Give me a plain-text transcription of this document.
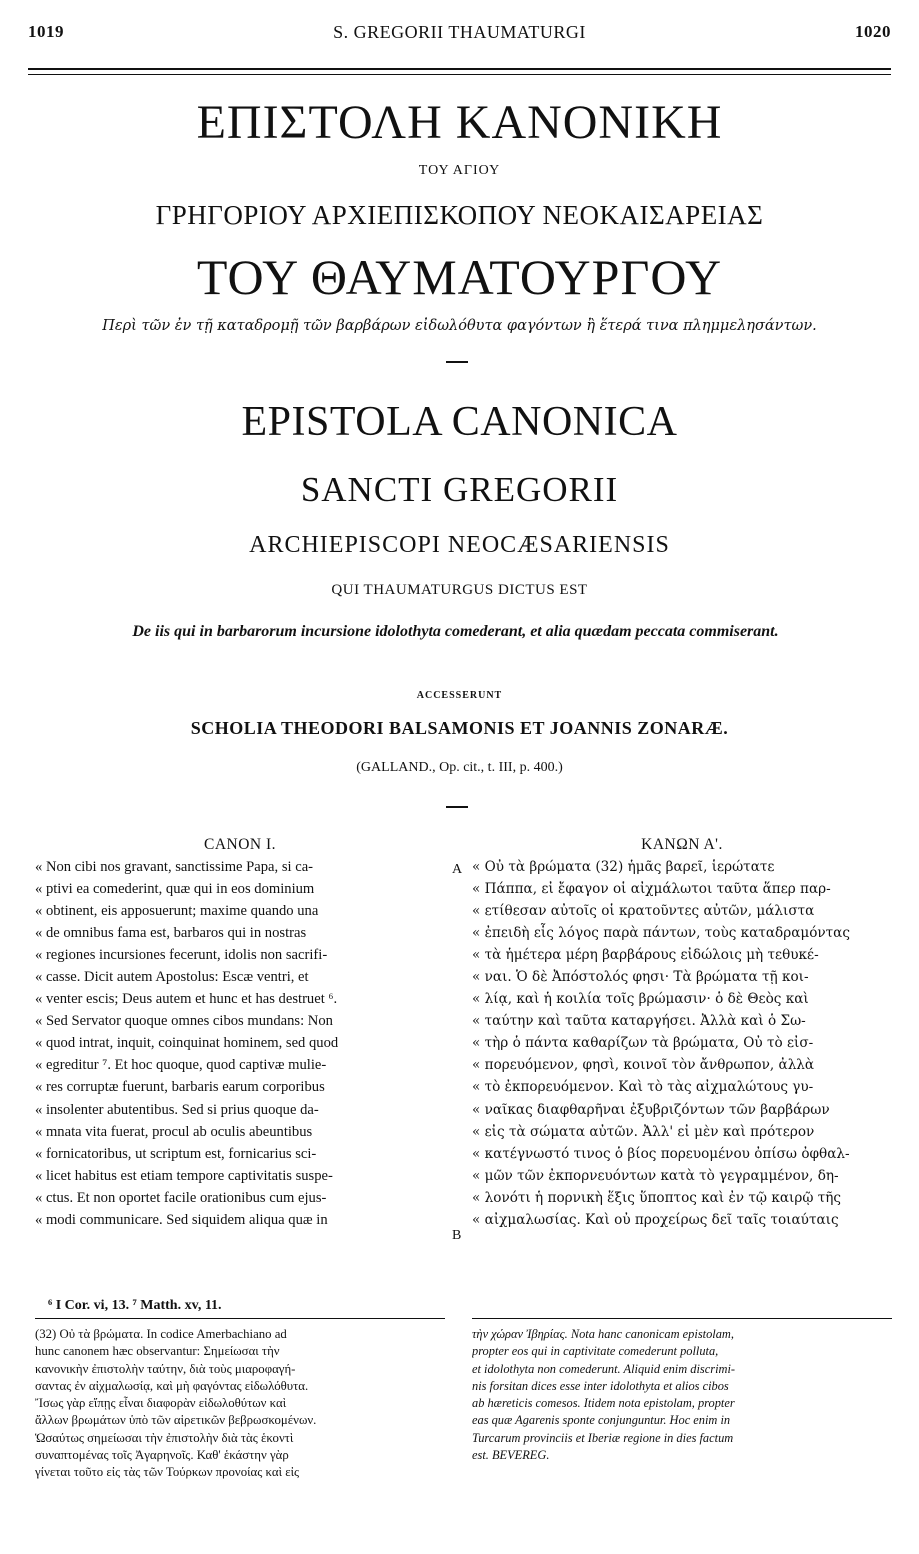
1019	S. GREGORII THAUMATURGI	1020
ΕΠΙΣΤΟΛΗ ΚΑΝΟΝΙΚΗ
ΤΟΥ ΑΓΙΟΥ
ΓΡΗΓΟΡΙΟΥ ΑΡΧΙΕΠΙΣΚΟΠΟΥ ΝΕΟΚΑΙΣΑΡΕΙΑΣ
ΤΟΥ ΘΑΥΜΑΤΟΥΡΓΟΥ
Περὶ τῶν ἐν τῇ καταδρομῇ τῶν βαρβάρων εἰδωλόθυτα φαγόντων ἢ ἕτερά τινα πλημμελησάντων.
EPISTOLA CANONICA
SANCTI GREGORII
ARCHIEPISCOPI NEOCÆSARIENSIS
QUI THAUMATURGUS DICTUS EST
De iis qui in barbarorum incursione idolothyta comederant, et alia quædam peccata commiserant.
ACCESSERUNT
SCHOLIA THEODORI BALSAMONIS ET JOANNIS ZONARÆ.
(GALLAND., Op. cit., t. III, p. 400.)
CANON I.	ΚΑΝΩΝ Α'.
« Non cibi nos gravant, sanctissime Papa, si ca-
« ptivi ea comederint, quæ qui in eos dominium
« obtinent, eis apposuerunt; maxime quando una
« de omnibus fama est, barbaros qui in nostras
« regiones incursiones fecerunt, idolis non sacrifi-
« casse. Dicit autem Apostolus: Escæ ventri, et
« venter escis; Deus autem et hunc et has destruet ⁶.
« Sed Servator quoque omnes cibos mundans: Non
« quod intrat, inquit, coinquinat hominem, sed quod
« egreditur ⁷. Et hoc quoque, quod captivæ mulie-
« res corruptæ fuerunt, barbaris earum corporibus
« insolenter abutentibus. Sed si prius quoque da-
« mnata vita fuerat, procul ab oculis abeuntibus
« fornicatoribus, ut scriptum est, fornicarius sci-
« licet habitus est etiam tempore captivitatis suspe-
« ctus. Et non oportet facile orationibus cum ejus-
« modi communicare. Sed siquidem aliqua quæ in
A
B
« Οὐ τὰ βρώματα (32) ἡμᾶς βαρεῖ, ἱερώτατε
« Πάππα, εἰ ἔφαγον οἱ αἰχμάλωτοι ταῦτα ἅπερ παρ-
« ετίθεσαν αὐτοῖς οἱ κρατοῦντες αὐτῶν, μάλιστα
« ἐπειδὴ εἷς λόγος παρὰ πάντων, τοὺς καταδραμόντας
« τὰ ἡμέτερα μέρη βαρβάρους εἰδώλοις μὴ τεθυκέ-
« ναι. Ὁ δὲ Ἀπόστολός φησι· Τὰ βρώματα τῇ κοι-
« λίᾳ, καὶ ἡ κοιλία τοῖς βρώμασιν· ὁ δὲ Θεὸς καὶ
« ταύτην καὶ ταῦτα καταργήσει. Ἀλλὰ καὶ ὁ Σω-
« τὴρ ὁ πάντα καθαρίζων τὰ βρώματα, Οὐ τὸ εἰσ-
« πορευόμενον, φησὶ, κοινοῖ τὸν ἄνθρωπον, ἀλλὰ
« τὸ ἐκπορευόμενον. Καὶ τὸ τὰς αἰχμαλώτους γυ-
« ναῖκας διαφθαρῆναι ἐξυβριζόντων τῶν βαρβάρων
« εἰς τὰ σώματα αὐτῶν. Ἀλλ' εἰ μὲν καὶ πρότερον
« κατέγνωστό τινος ὁ βίος πορευομένου ὀπίσω ὀφθαλ-
« μῶν τῶν ἐκπορνευόντων κατὰ τὸ γεγραμμένον, δη-
« λονότι ἡ πορνικὴ ἕξις ὕποπτος καὶ ἐν τῷ καιρῷ τῆς
« αἰχμαλωσίας. Καὶ οὐ προχείρως δεῖ ταῖς τοιαύταις
⁶ I Cor. vi, 13. ⁷ Matth. xv, 11.
(32) Οὐ τὰ βρώματα. In codice Amerbachiano ad
hunc canonem hæc observantur: Σημείωσαι τὴν
κανονικὴν ἐπιστολὴν ταύτην, διὰ τοὺς μιαροφαγή-
σαντας ἐν αἰχμαλωσίᾳ, καὶ μὴ φαγόντας εἰδωλόθυτα.
Ἴσως γὰρ εἴπῃς εἶναι διαφορὰν εἰδωλοθύτων καὶ
ἄλλων βρωμάτων ὑπὸ τῶν αἱρετικῶν βεβρωσκομένων.
Ὡσαύτως σημείωσαι τὴν ἐπιστολὴν διὰ τὰς ἑκοντὶ
συναπτομένας τοῖς Ἀγαρηνοῖς. Καθ' ἑκάστην γὰρ
γίνεται τοῦτο εἰς τὰς τῶν Τούρκων προνοίας καὶ εἰς
τὴν χώραν Ἰβηρίας. Nota hanc canonicam epistolam,
propter eos qui in captivitate comederunt polluta,
et idolothyta non comederunt. Aliquid enim discrimi-
nis forsitan dices esse inter idolothyta et alios cibos
ab hæreticis comesos. Itidem nota epistolam, propter
eas quæ Agarenis sponte conjunguntur. Hoc enim in
Turcarum provinciis et Iberiæ regione in dies factum
est. BEVEREG.
